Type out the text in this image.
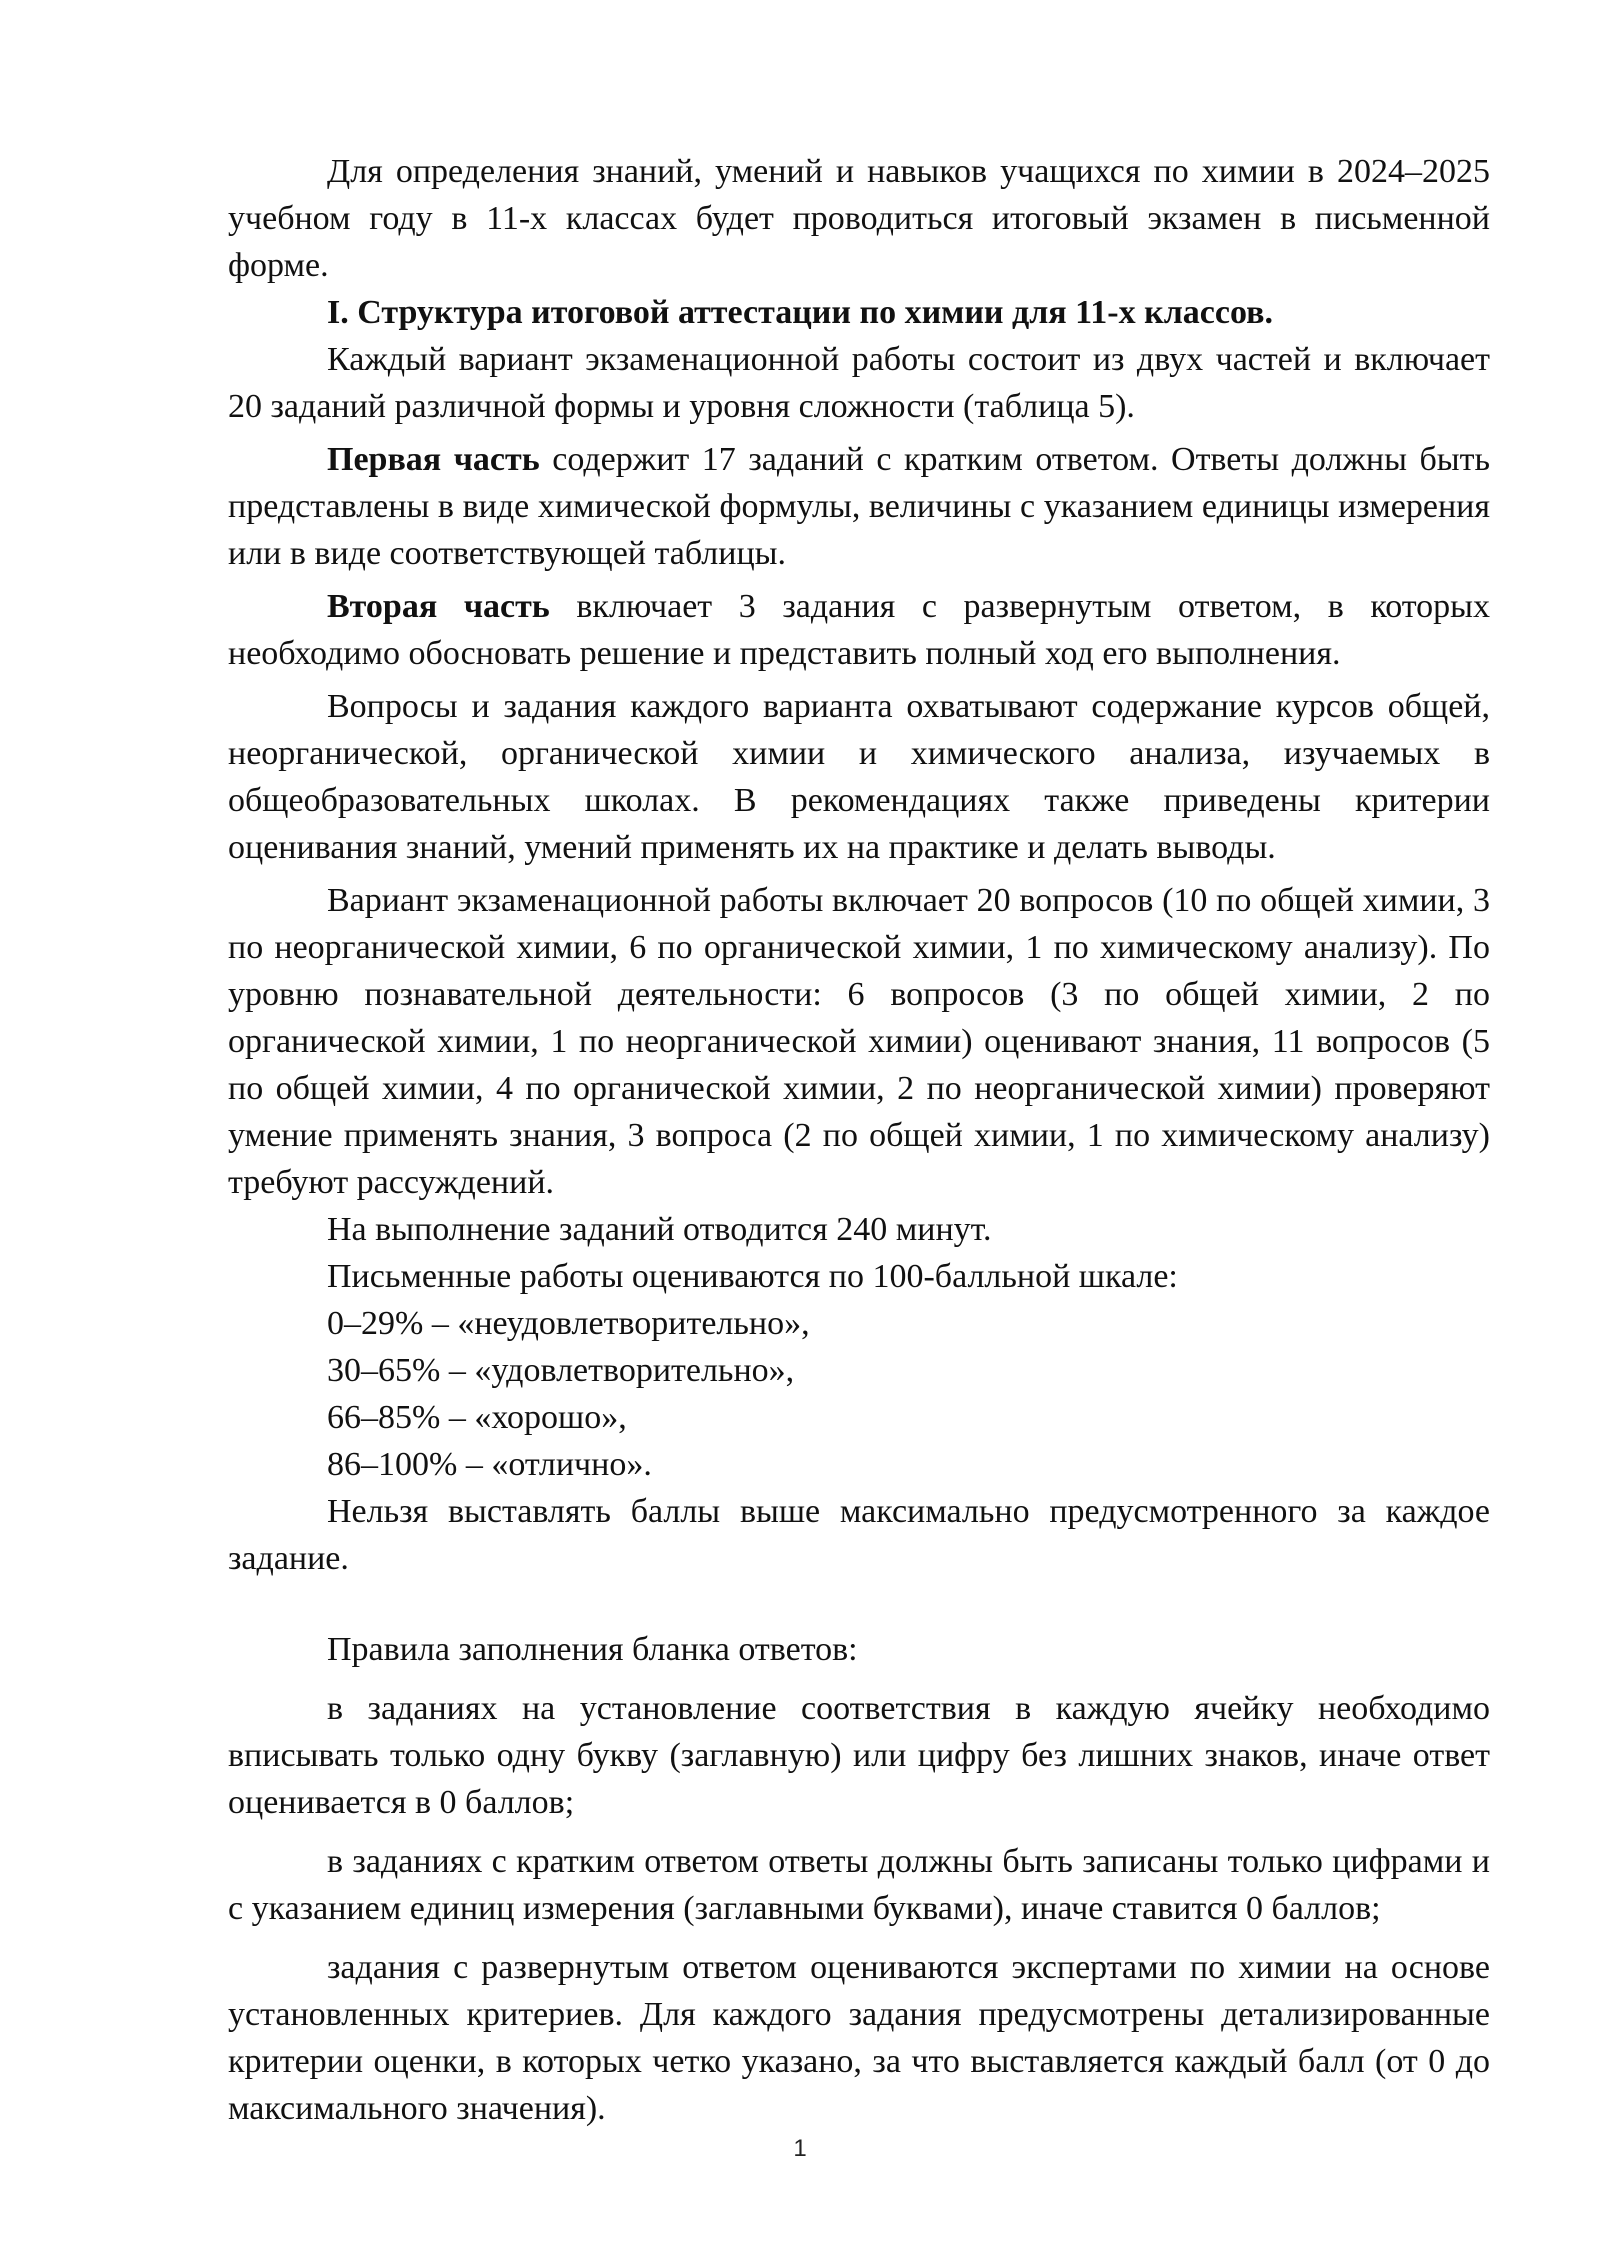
Для определения знаний, умений и навыков учащихся по химии в 2024–2025 учебном году в 11-х классах будет проводиться итоговый экзамен в письменной форме.

I. Структура итоговой аттестации по химии для 11-х классов.

Каждый вариант экзаменационной работы состоит из двух частей и включает 20 заданий различной формы и уровня сложности (таблица 5).

Первая часть содержит 17 заданий с кратким ответом. Ответы должны быть представлены в виде химической формулы, величины с указанием единицы измерения или в виде соответствующей таблицы.

Вторая часть включает 3 задания с развернутым ответом, в которых необходимо обосновать решение и представить полный ход его выполнения.

Вопросы и задания каждого варианта охватывают содержание курсов общей, неорганической, органической химии и химического анализа, изучаемых в общеобразовательных школах. В рекомендациях также приведены критерии оценивания знаний, умений применять их на практике и делать выводы.

Вариант экзаменационной работы включает 20 вопросов (10 по общей химии, 3 по неорганической химии, 6 по органической химии, 1 по химическому анализу). По уровню познавательной деятельности: 6 вопросов (3 по общей химии, 2 по органической химии, 1 по неорганической химии) оценивают знания, 11 вопросов (5 по общей химии, 4 по органической химии, 2 по неорганической химии) проверяют умение применять знания, 3 вопроса (2 по общей химии, 1 по химическому анализу) требуют рассуждений.

На выполнение заданий отводится 240 минут.

Письменные работы оцениваются по 100-балльной шкале:

0–29% – «неудовлетворительно»,

30–65% – «удовлетворительно»,

66–85% – «хорошо»,

86–100% – «отлично».

Нельзя выставлять баллы выше максимально предусмотренного за каждое задание.

Правила заполнения бланка ответов:

в заданиях на установление соответствия в каждую ячейку необходимо вписывать только одну букву (заглавную) или цифру без лишних знаков, иначе ответ оценивается в 0 баллов;

в заданиях с кратким ответом ответы должны быть записаны только цифрами и с указанием единиц измерения (заглавными буквами), иначе ставится 0 баллов;

задания с развернутым ответом оцениваются экспертами по химии на основе установленных критериев. Для каждого задания предусмотрены детализированные критерии оценки, в которых четко указано, за что выставляется каждый балл (от 0 до максимального значения).

1
